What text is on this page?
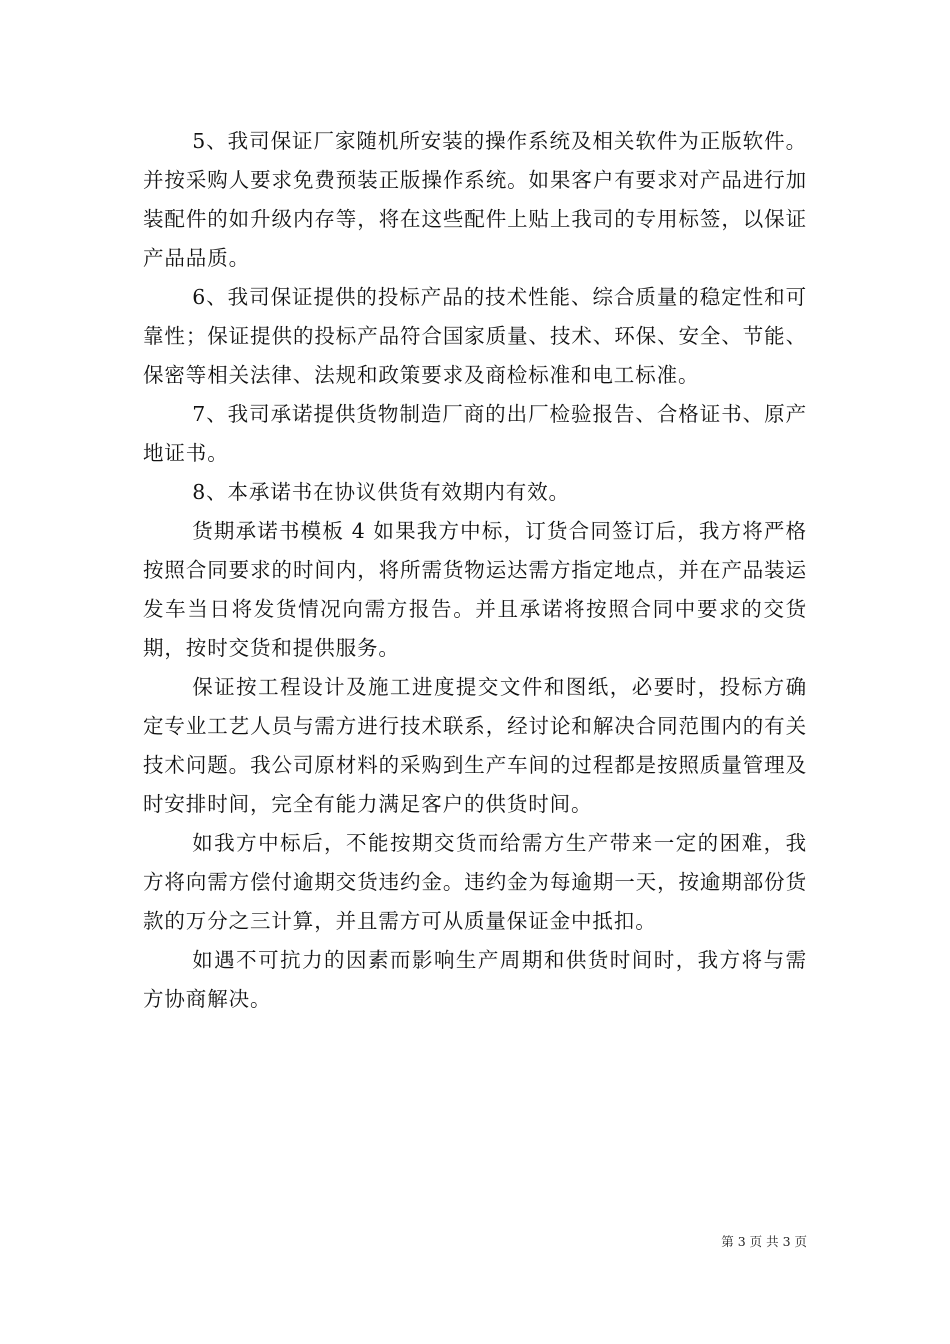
5、我司保证厂家随机所安装的操作系统及相关软件为正版软件。并按采购人要求免费预装正版操作系统。如果客户有要求对产品进行加装配件的如升级内存等，将在这些配件上贴上我司的专用标签，以保证产品品质。

6、我司保证提供的投标产品的技术性能、综合质量的稳定性和可靠性；保证提供的投标产品符合国家质量、技术、环保、安全、节能、保密等相关法律、法规和政策要求及商检标准和电工标准。

7、我司承诺提供货物制造厂商的出厂检验报告、合格证书、原产地证书。

8、本承诺书在协议供货有效期内有效。

货期承诺书模板 4 如果我方中标，订货合同签订后，我方将严格按照合同要求的时间内，将所需货物运达需方指定地点，并在产品装运发车当日将发货情况向需方报告。并且承诺将按照合同中要求的交货期，按时交货和提供服务。

保证按工程设计及施工进度提交文件和图纸，必要时，投标方确定专业工艺人员与需方进行技术联系，经讨论和解决合同范围内的有关技术问题。我公司原材料的采购到生产车间的过程都是按照质量管理及时安排时间，完全有能力满足客户的供货时间。

如我方中标后，不能按期交货而给需方生产带来一定的困难，我方将向需方偿付逾期交货违约金。违约金为每逾期一天，按逾期部份货款的万分之三计算，并且需方可从质量保证金中抵扣。

如遇不可抗力的因素而影响生产周期和供货时间时，我方将与需方协商解决。

第 3 页 共 3 页
